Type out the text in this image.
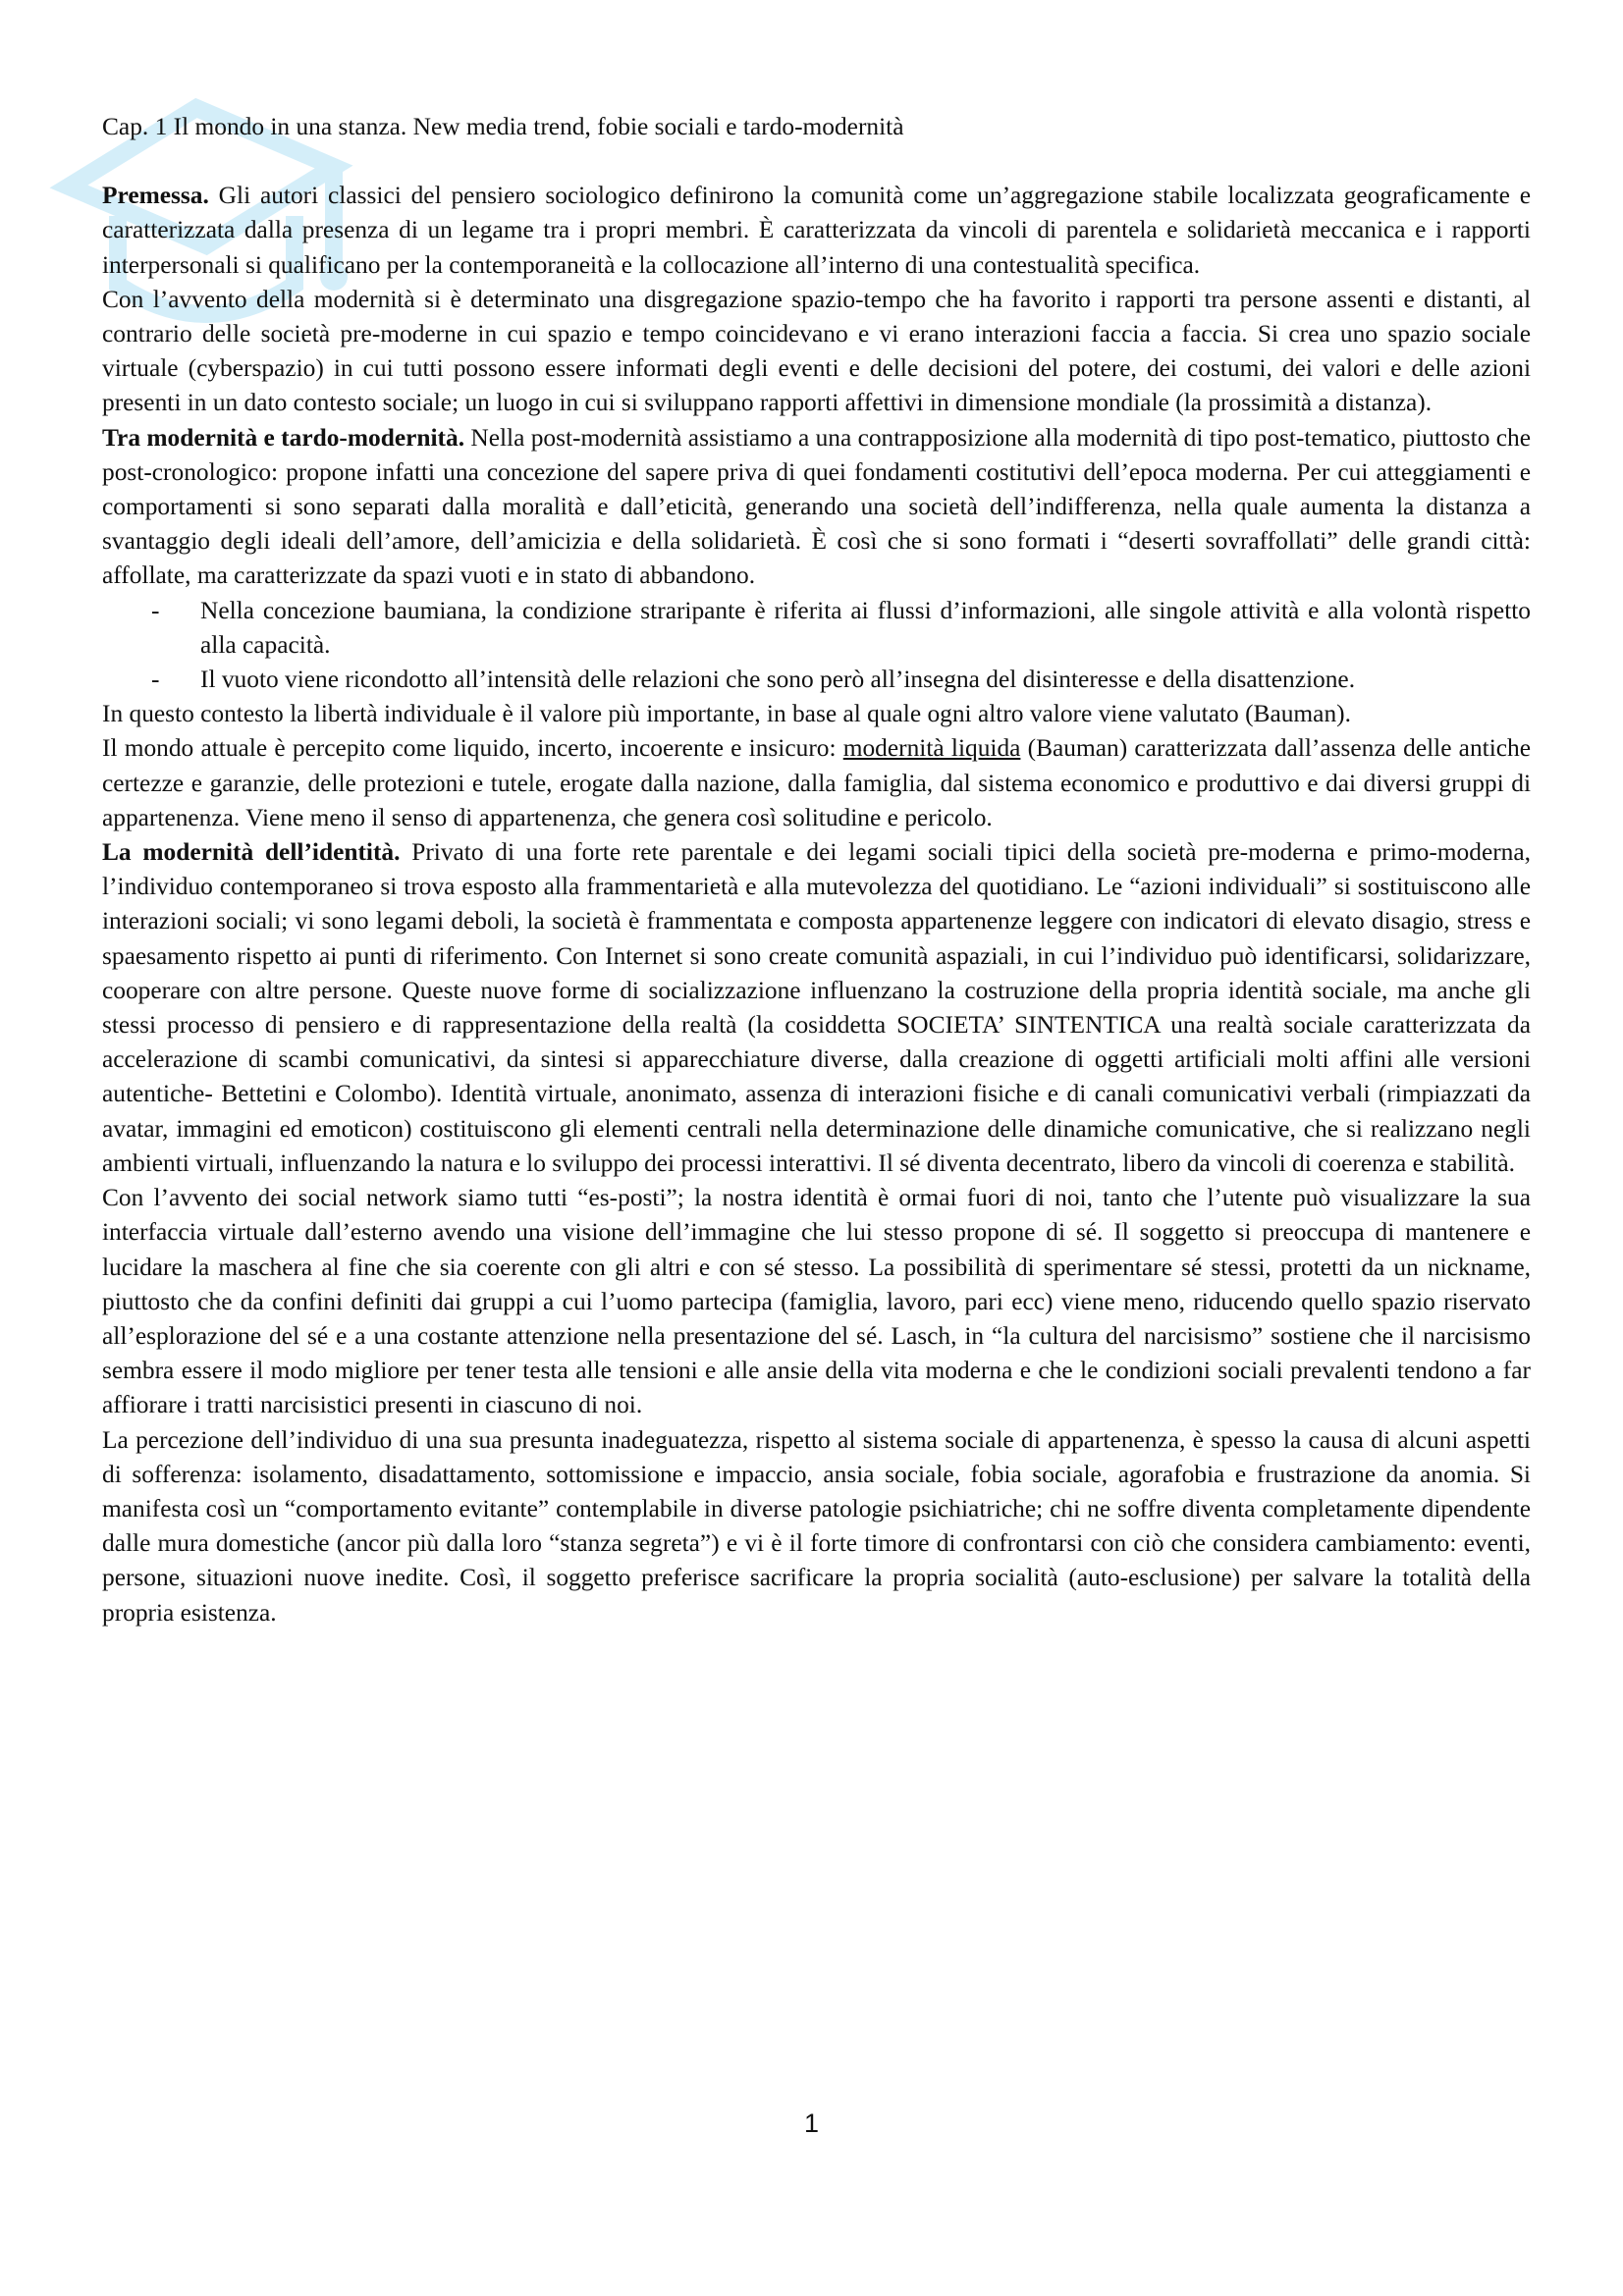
Cap. 1 Il mondo in una stanza. New media trend, fobie sociali e tardo-modernità

Premessa. Gli autori classici del pensiero sociologico definirono la comunità come un’aggregazione stabile localizzata geograficamente e caratterizzata dalla presenza di un legame tra i propri membri. È caratterizzata da vincoli di parentela e solidarietà meccanica e i rapporti interpersonali si qualificano per la contemporaneità e la collocazione all’interno di una contestualità specifica.

Con l’avvento della modernità si è determinato una disgregazione spazio-tempo che ha favorito i rapporti tra persone assenti e distanti, al contrario delle società pre-moderne in cui spazio e tempo coincidevano e vi erano interazioni faccia a faccia. Si crea uno spazio sociale virtuale (cyberspazio) in cui tutti possono essere informati degli eventi e delle decisioni del potere, dei costumi, dei valori e delle azioni presenti in un dato contesto sociale; un luogo in cui si sviluppano rapporti affettivi in dimensione mondiale (la prossimità a distanza).

Tra modernità e tardo-modernità. Nella post-modernità assistiamo a una contrapposizione alla modernità di tipo post-tematico, piuttosto che post-cronologico: propone infatti una concezione del sapere priva di quei fondamenti costitutivi dell’epoca moderna. Per cui atteggiamenti e comportamenti si sono separati dalla moralità e dall’eticità, generando una società dell’indifferenza, nella quale aumenta la distanza a svantaggio degli ideali dell’amore, dell’amicizia e della solidarietà. È così che si sono formati i “deserti sovraffollati” delle grandi città: affollate, ma caratterizzate da spazi vuoti e in stato di abbandono.

- Nella concezione baumiana, la condizione straripante è riferita ai flussi d’informazioni, alle singole attività e alla volontà rispetto alla capacità.
- Il vuoto viene ricondotto all’intensità delle relazioni che sono però all’insegna del disinteresse e della disattenzione.

In questo contesto la libertà individuale è il valore più importante, in base al quale ogni altro valore viene valutato (Bauman).

Il mondo attuale è percepito come liquido, incerto, incoerente e insicuro: modernità liquida (Bauman) caratterizzata dall’assenza delle antiche certezze e garanzie, delle protezioni e tutele, erogate dalla nazione, dalla famiglia, dal sistema economico e produttivo e dai diversi gruppi di appartenenza. Viene meno il senso di appartenenza, che genera così solitudine e pericolo.

La modernità dell’identità. Privato di una forte rete parentale e dei legami sociali tipici della società pre-moderna e primo-moderna, l’individuo contemporaneo si trova esposto alla frammentarietà e alla mutevolezza del quotidiano. Le “azioni individuali” si sostituiscono alle interazioni sociali; vi sono legami deboli, la società è frammentata e composta appartenenze leggere con indicatori di elevato disagio, stress e spaesamento rispetto ai punti di riferimento. Con Internet si sono create comunità aspaziali, in cui l’individuo può identificarsi, solidarizzare, cooperare con altre persone. Queste nuove forme di socializzazione influenzano la costruzione della propria identità sociale, ma anche gli stessi processo di pensiero e di rappresentazione della realtà (la cosiddetta SOCIETA’ SINTENTICA una realtà sociale caratterizzata da accelerazione di scambi comunicativi, da sintesi si apparecchiature diverse, dalla creazione di oggetti artificiali molti affini alle versioni autentiche- Bettetini e Colombo). Identità virtuale, anonimato, assenza di interazioni fisiche e di canali comunicativi verbali (rimpiazzati da avatar, immagini ed emoticon) costituiscono gli elementi centrali nella determinazione delle dinamiche comunicative, che si realizzano negli ambienti virtuali, influenzando la natura e lo sviluppo dei processi interattivi. Il sé diventa decentrato, libero da vincoli di coerenza e stabilità.

Con l’avvento dei social network siamo tutti “es-posti”; la nostra identità è ormai fuori di noi, tanto che l’utente può visualizzare la sua interfaccia virtuale dall’esterno avendo una visione dell’immagine che lui stesso propone di sé. Il soggetto si preoccupa di mantenere e lucidare la maschera al fine che sia coerente con gli altri e con sé stesso. La possibilità di sperimentare sé stessi, protetti da un nickname, piuttosto che da confini definiti dai gruppi a cui l’uomo partecipa (famiglia, lavoro, pari ecc) viene meno, riducendo quello spazio riservato all’esplorazione del sé e a una costante attenzione nella presentazione del sé. Lasch, in “la cultura del narcisismo” sostiene che il narcisismo sembra essere il modo migliore per tener testa alle tensioni e alle ansie della vita moderna e che le condizioni sociali prevalenti tendono a far affiorare i tratti narcisistici presenti in ciascuno di noi.

La percezione dell’individuo di una sua presunta inadeguatezza, rispetto al sistema sociale di appartenenza, è spesso la causa di alcuni aspetti di sofferenza: isolamento, disadattamento, sottomissione e impaccio, ansia sociale, fobia sociale, agorafobia e frustrazione da anomia. Si manifesta così un “comportamento evitante” contemplabile in diverse patologie psichiatriche; chi ne soffre diventa completamente dipendente dalle mura domestiche (ancor più dalla loro “stanza segreta”) e vi è il forte timore di confrontarsi con ciò che considera cambiamento: eventi, persone, situazioni nuove inedite. Così, il soggetto preferisce sacrificare la propria socialità (auto-esclusione) per salvare la totalità della propria esistenza.

1
